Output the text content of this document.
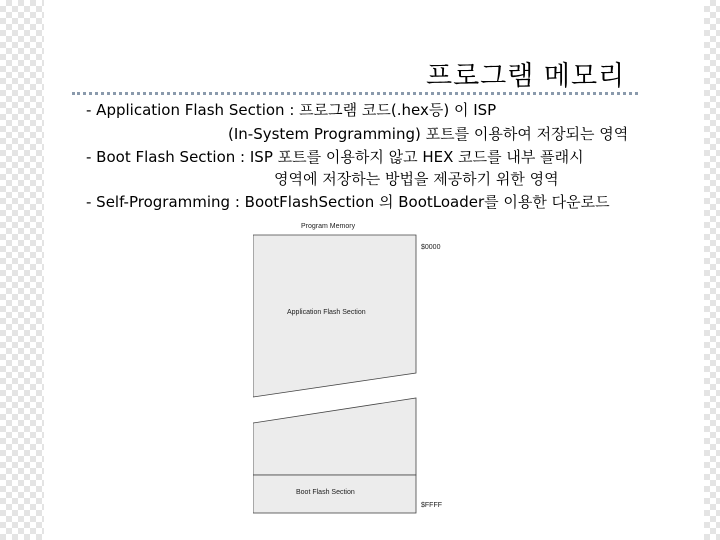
프로그램 메모리
- Application Flash Section : 프로그램 코드(.hex등) 이 ISP
(In-System Programming) 포트를 이용하여 저장되는 영역
- Boot Flash Section : ISP 포트를 이용하지 않고 HEX 코드를 내부 플래시
영역에 저장하는 방법을 제공하기 위한 영역
- Self-Programming : BootFlashSection 의 BootLoader를 이용한 다운로드
Program Memory
Application Flash Section
Boot Flash Section
$0000
$FFFF
